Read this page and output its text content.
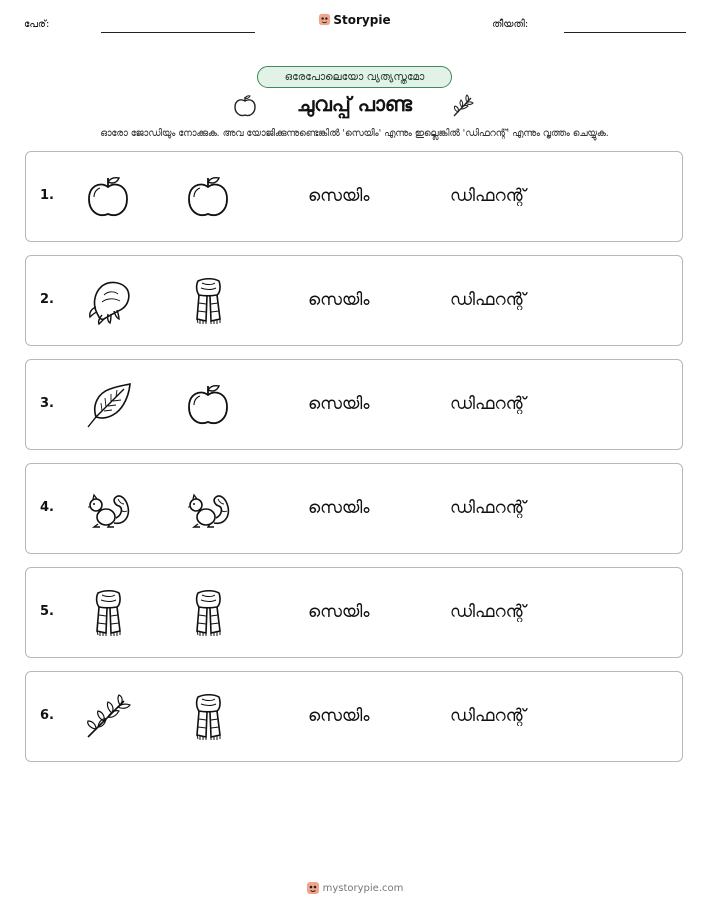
പേര്:	Storypie	തീയതി:
ഒരേപോലെയോ വ്യത്യസ്തമോ
ചുവപ്പ് പാണ്ട
ഓരോ ജോഡിയും നോക്കുക. അവ യോജിക്കുന്നുണ്ടെങ്കിൽ 'സെയിം' എന്നും ഇല്ലെങ്കിൽ 'ഡിഫറന്റ്' എന്നും വൃത്തം ചെയ്യുക.
1.	സെയിം	ഡിഫറന്റ്
2.	സെയിം	ഡിഫറന്റ്
3.	സെയിം	ഡിഫറന്റ്
4.	സെയിം	ഡിഫറന്റ്
5.	സെയിം	ഡിഫറന്റ്
6.	സെയിം	ഡിഫറന്റ്
mystorypie.com
